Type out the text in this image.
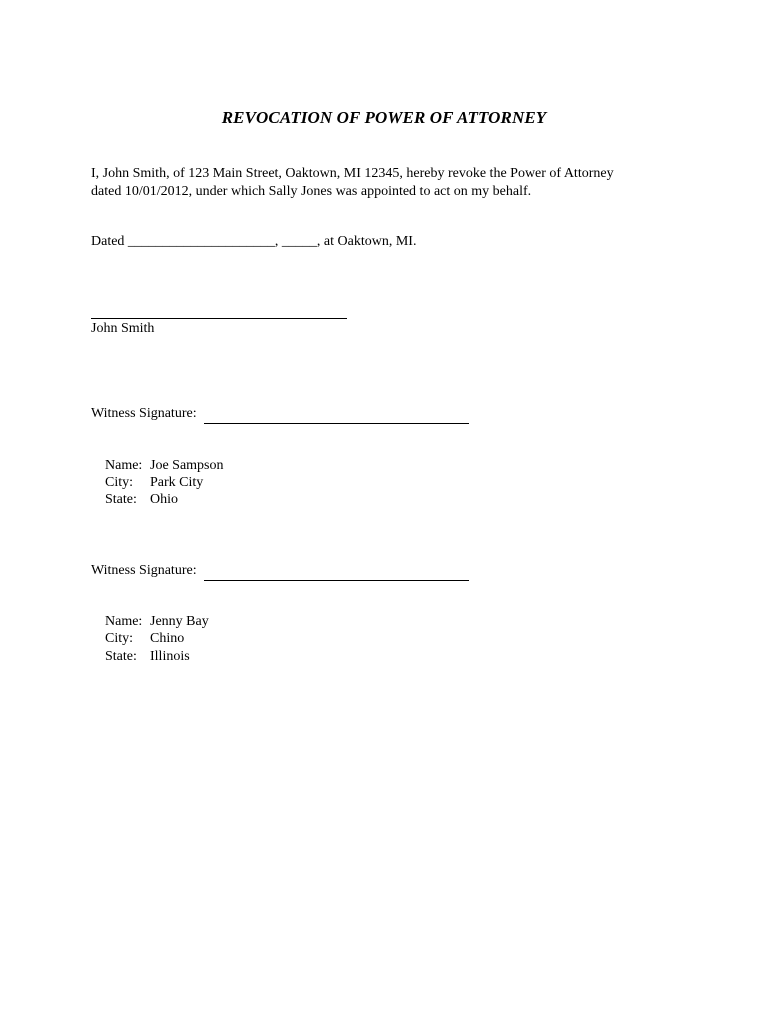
REVOCATION OF POWER OF ATTORNEY
I, John Smith, of 123 Main Street, Oaktown, MI 12345, hereby revoke the Power of Attorney
dated 10/01/2012, under which Sally Jones was appointed to act on my behalf.
Dated _____________________, _____, at Oaktown, MI.
John Smith
Witness Signature:

Name: Joe Sampson

City: Park City

State: Ohio

Witness Signature:

Name: Jenny Bay

City: Chino

State: Illinois
